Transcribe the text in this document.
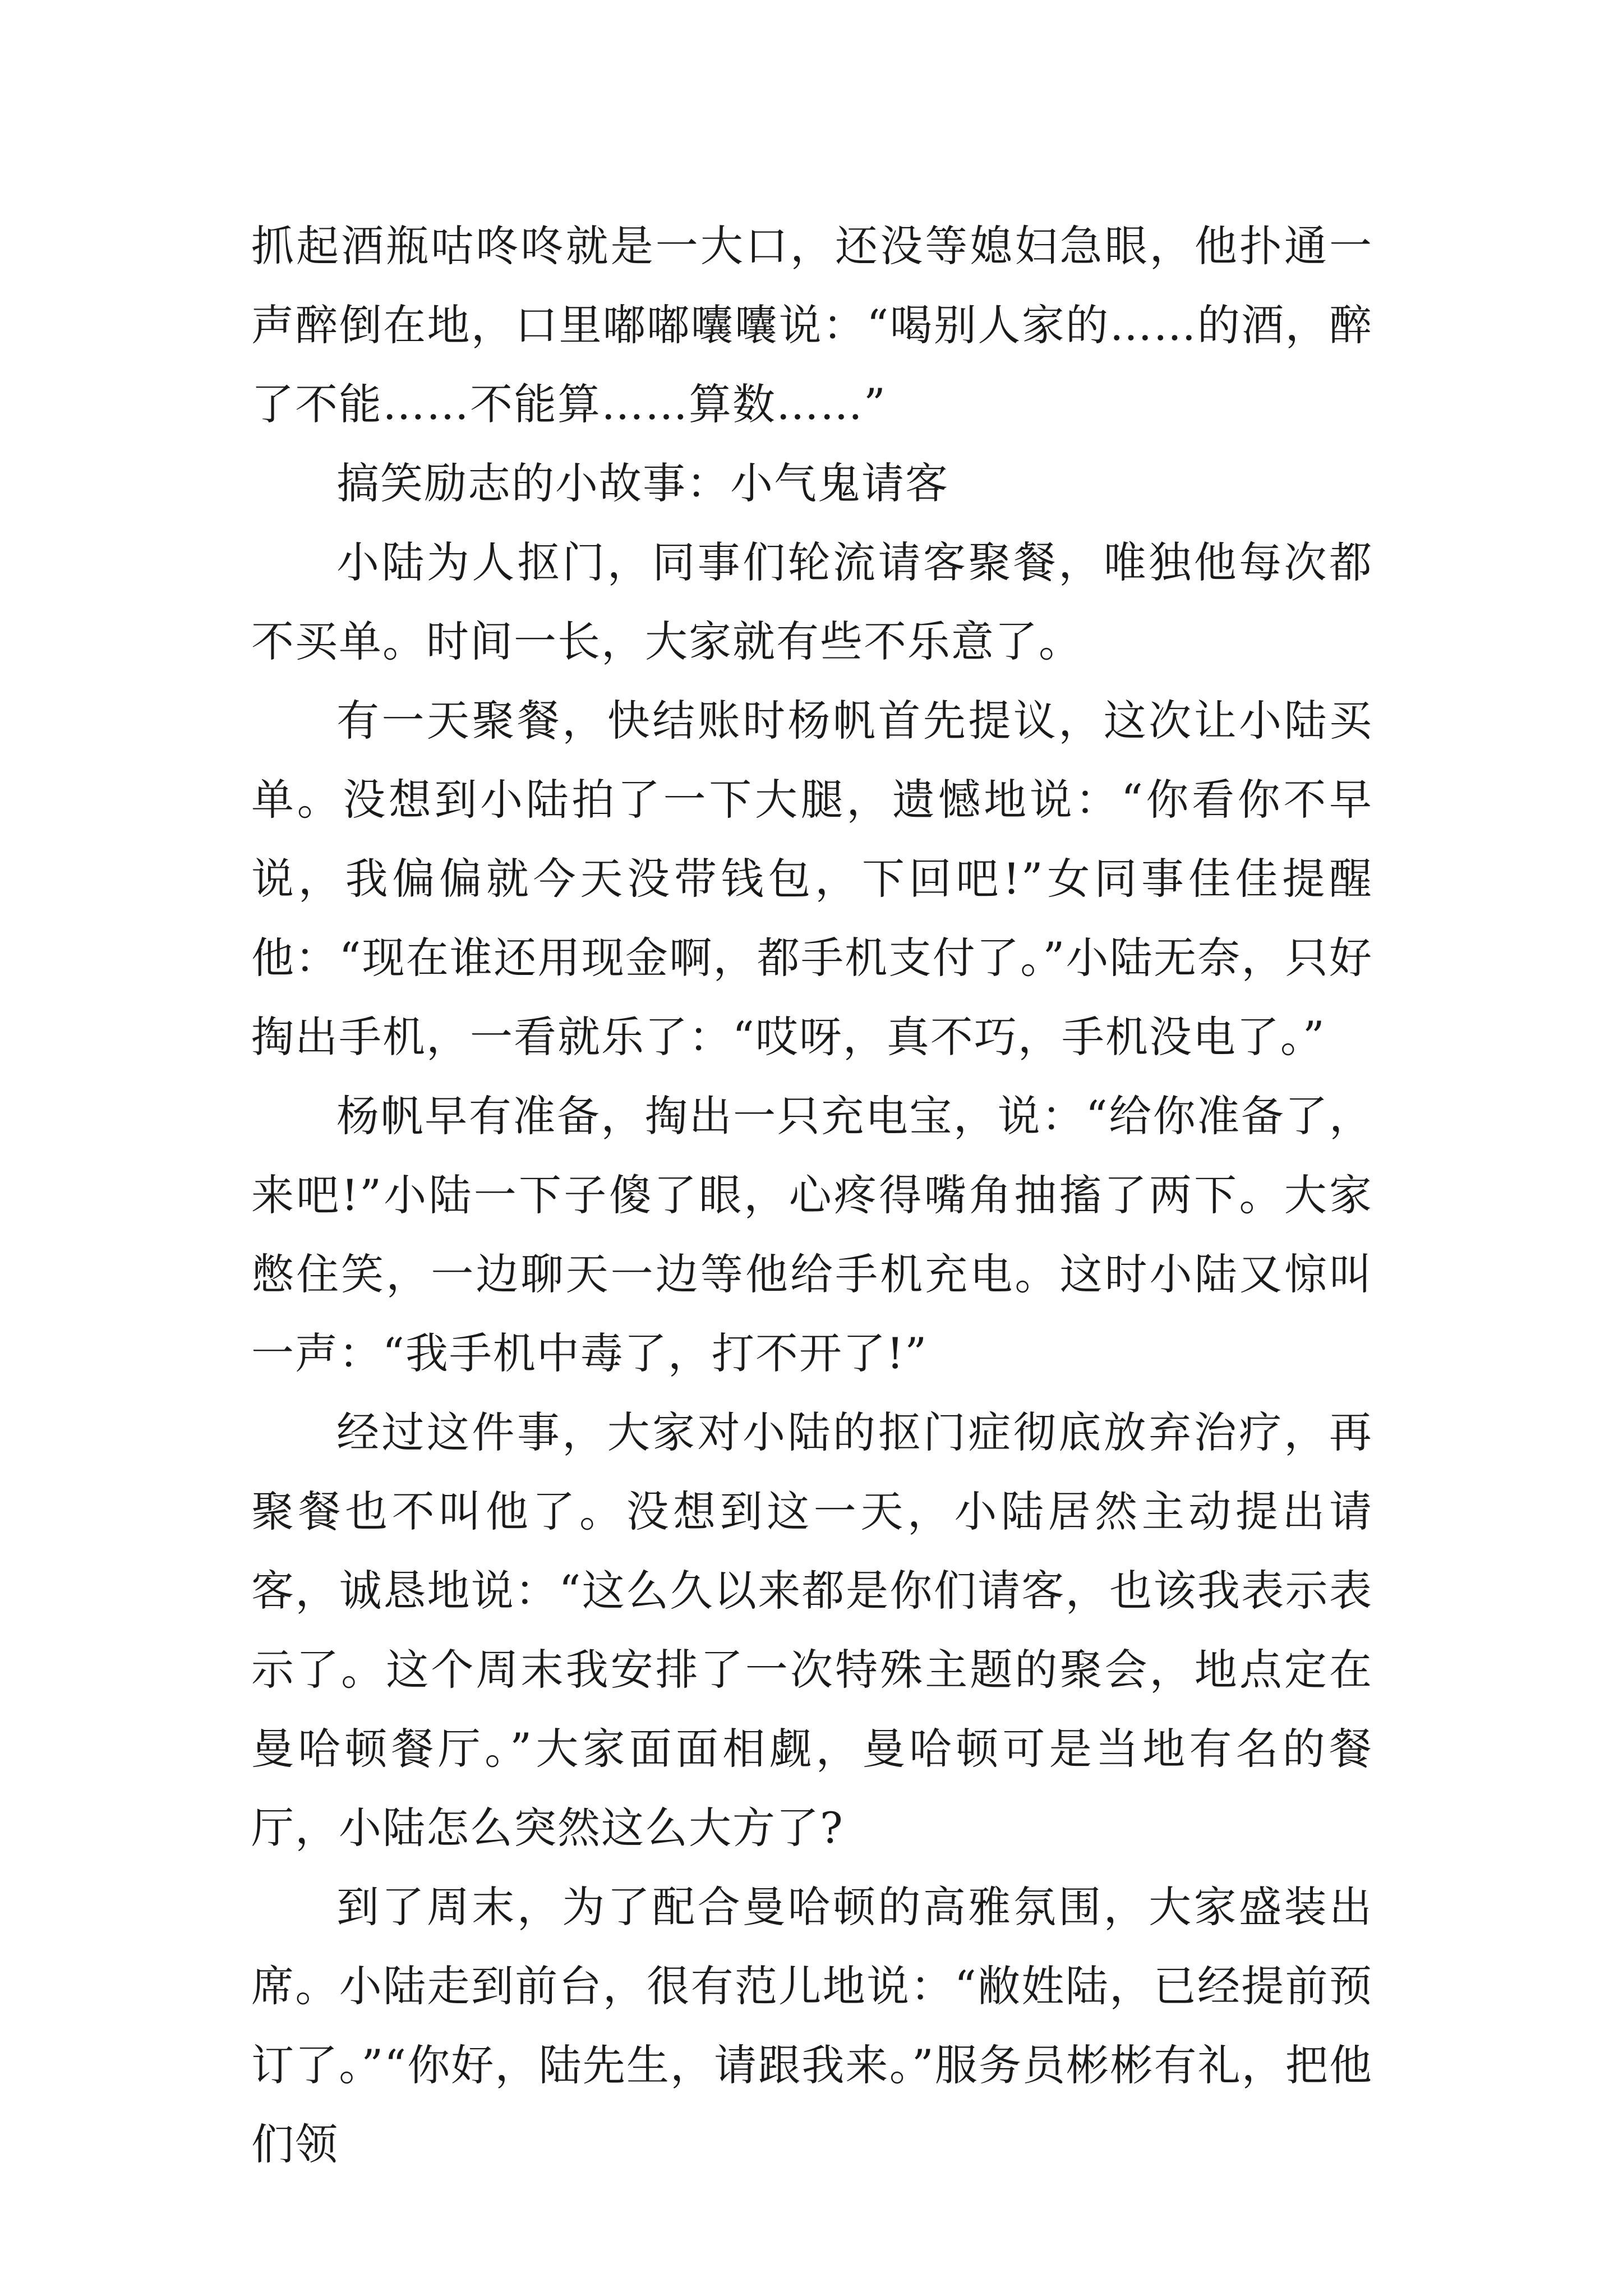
抓起酒瓶咕咚咚就是一大口，还没等媳妇急眼，他扑通一声醉倒在地，口里嘟嘟囔囔说：“喝别人家的……的酒，醉了不能……不能算……算数……”

搞笑励志的小故事：小气鬼请客

小陆为人抠门，同事们轮流请客聚餐，唯独他每次都不买单。时间一长，大家就有些不乐意了。

有一天聚餐，快结账时杨帆首先提议，这次让小陆买单。没想到小陆拍了一下大腿，遗憾地说：“你看你不早说，我偏偏就今天没带钱包，下回吧!”女同事佳佳提醒他：“现在谁还用现金啊，都手机支付了。”小陆无奈，只好掏出手机，一看就乐了：“哎呀，真不巧，手机没电了。”

杨帆早有准备，掏出一只充电宝，说：“给你准备了，来吧!”小陆一下子傻了眼，心疼得嘴角抽搐了两下。大家憋住笑，一边聊天一边等他给手机充电。这时小陆又惊叫一声：“我手机中毒了，打不开了!”

经过这件事，大家对小陆的抠门症彻底放弃治疗，再聚餐也不叫他了。没想到这一天，小陆居然主动提出请客，诚恳地说：“这么久以来都是你们请客，也该我表示表示了。这个周末我安排了一次特殊主题的聚会，地点定在曼哈顿餐厅。”大家面面相觑，曼哈顿可是当地有名的餐厅，小陆怎么突然这么大方了?

到了周末，为了配合曼哈顿的高雅氛围，大家盛装出席。小陆走到前台，很有范儿地说：“敝姓陆，已经提前预订了。”“你好，陆先生，请跟我来。”服务员彬彬有礼，把他们领
